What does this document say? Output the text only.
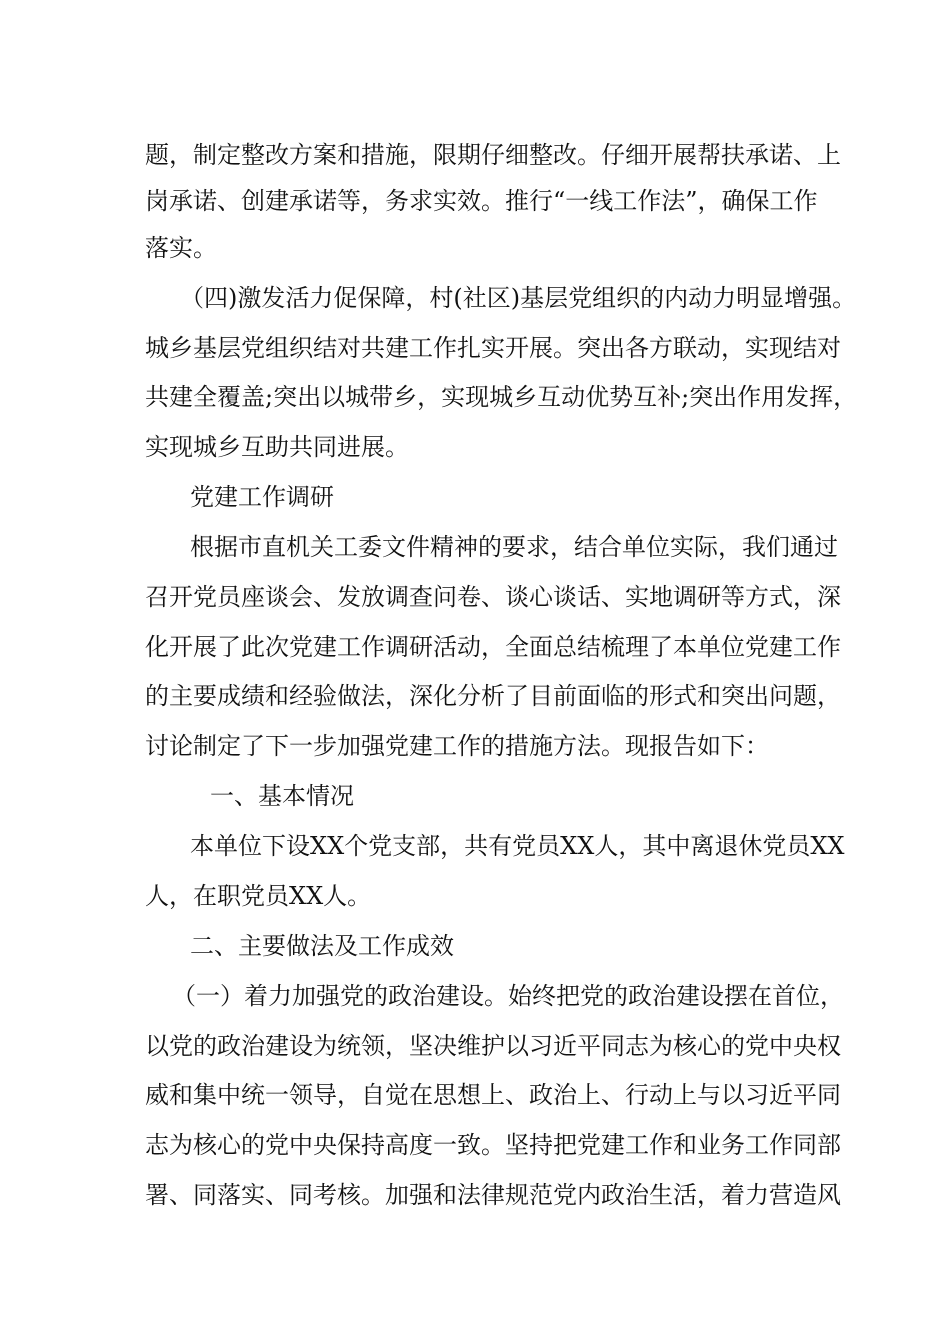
题，制定整改方案和措施，限期仔细整改。仔细开展帮扶承诺、上
岗承诺、创建承诺等，务求实效。推行“一线工作法”，确保工作
落实。
（四)激发活力促保障，村(社区)基层党组织的内动力明显增强。
城乡基层党组织结对共建工作扎实开展。突出各方联动，实现结对
共建全覆盖;突出以城带乡，实现城乡互动优势互补;突出作用发挥，
实现城乡互助共同进展。
党建工作调研
根据市直机关工委文件精神的要求，结合单位实际，我们通过
召开党员座谈会、发放调查问卷、谈心谈话、实地调研等方式，深
化开展了此次党建工作调研活动，全面总结梳理了本单位党建工作
的主要成绩和经验做法，深化分析了目前面临的形式和突出问题，
讨论制定了下一步加强党建工作的措施方法。现报告如下：
一、基本情况
本单位下设XX个党支部，共有党员XX人，其中离退休党员XX
人，在职党员XX人。
二、主要做法及工作成效
（一）着力加强党的政治建设。始终把党的政治建设摆在首位，
以党的政治建设为统领，坚决维护以习近平同志为核心的党中央权
威和集中统一领导，自觉在思想上、政治上、行动上与以习近平同
志为核心的党中央保持高度一致。坚持把党建工作和业务工作同部
署、同落实、同考核。加强和法律规范党内政治生活，着力营造风
